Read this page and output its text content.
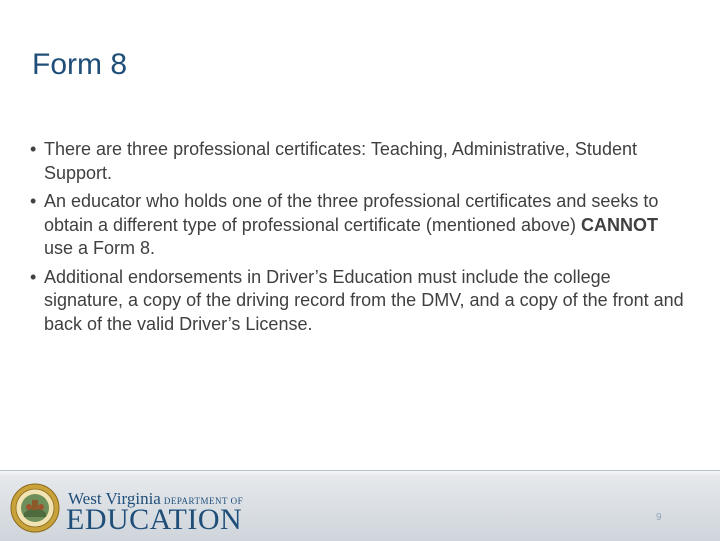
Form 8
• There are three professional certificates: Teaching, Administrative, Student Support.
• An educator who holds one of the three professional certificates and seeks to obtain a different type of professional certificate (mentioned above) CANNOT use a Form 8.
• Additional endorsements in Driver’s Education must include the college signature, a copy of the driving record from the DMV, and a copy of the front and back of the valid Driver’s License.
West Virginia DEPARTMENT OF
EDUCATION	9
